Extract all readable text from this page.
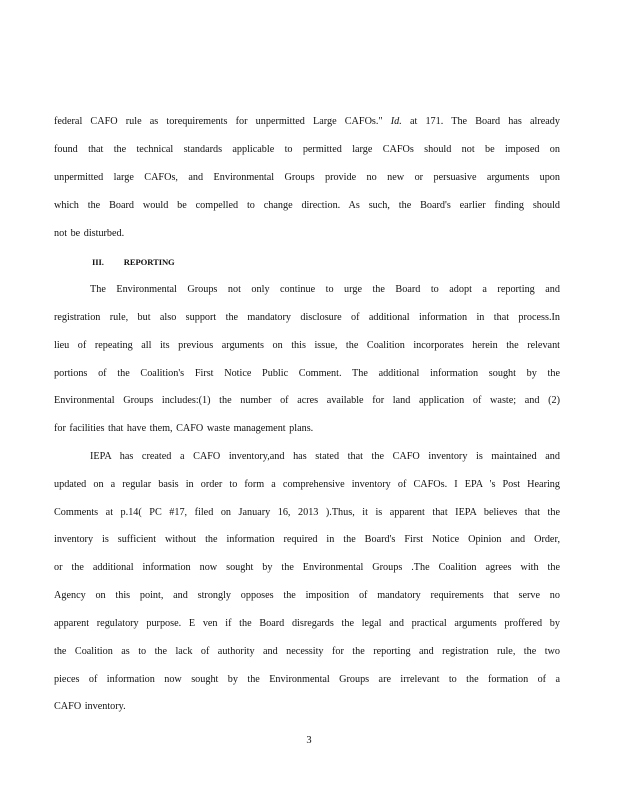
federal CAFO rule as torequirements for unpermitted Large CAFOs." Id. at 171. The Board has already
found that the technical standards applicable to permitted large CAFOs should not be imposed on
unpermitted large CAFOs, and Environmental Groups provide no new or persuasive arguments upon
which the Board would be compelled to change direction. As such, the Board's earlier finding should
not be disturbed.
III. REPORTING
The Environmental Groups not only continue to urge the Board to adopt a reporting and
registration rule, but also support the mandatory disclosure of additional information in that process.In
lieu of repeating all its previous arguments on this issue, the Coalition incorporates herein the relevant
portions of the Coalition's First Notice Public Comment. The additional information sought by the
Environmental Groups includes:(1) the number of acres available for land application of waste; and (2)
for facilities that have them, CAFO waste management plans.
IEPA has created a CAFO inventory,and has stated that the CAFO inventory is maintained and
updated on a regular basis in order to form a comprehensive inventory of CAFOs. I EPA 's Post Hearing
Comments at p.14( PC #17, filed on January 16, 2013 ).Thus, it is apparent that IEPA believes that the
inventory is sufficient without the information required in the Board's First Notice Opinion and Order,
or the additional information now sought by the Environmental Groups .The Coalition agrees with the
Agency on this point, and strongly opposes the imposition of mandatory requirements that serve no
apparent regulatory purpose. E ven if the Board disregards the legal and practical arguments proffered by
the Coalition as to the lack of authority and necessity for the reporting and registration rule, the two
pieces of information now sought by the Environmental Groups are irrelevant to the formation of a
CAFO inventory.
3
